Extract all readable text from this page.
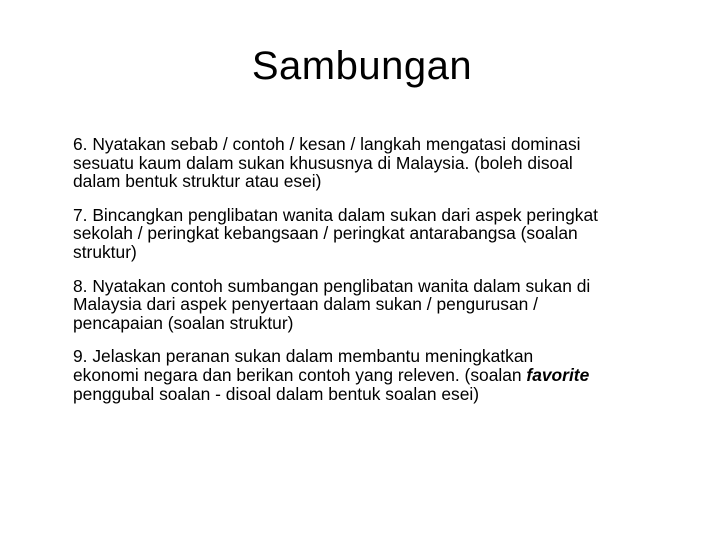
Sambungan
6. Nyatakan sebab / contoh / kesan / langkah mengatasi dominasi
sesuatu kaum dalam sukan khususnya di Malaysia. (boleh disoal
dalam bentuk struktur atau esei)
7. Bincangkan penglibatan wanita dalam sukan dari aspek peringkat
sekolah / peringkat kebangsaan / peringkat antarabangsa (soalan
struktur)
8. Nyatakan contoh sumbangan penglibatan wanita dalam sukan di
Malaysia dari aspek penyertaan dalam sukan / pengurusan /
pencapaian (soalan struktur)
9. Jelaskan peranan sukan dalam membantu meningkatkan
ekonomi negara dan berikan contoh yang releven. (soalan favorite
penggubal soalan - disoal dalam bentuk soalan esei)
